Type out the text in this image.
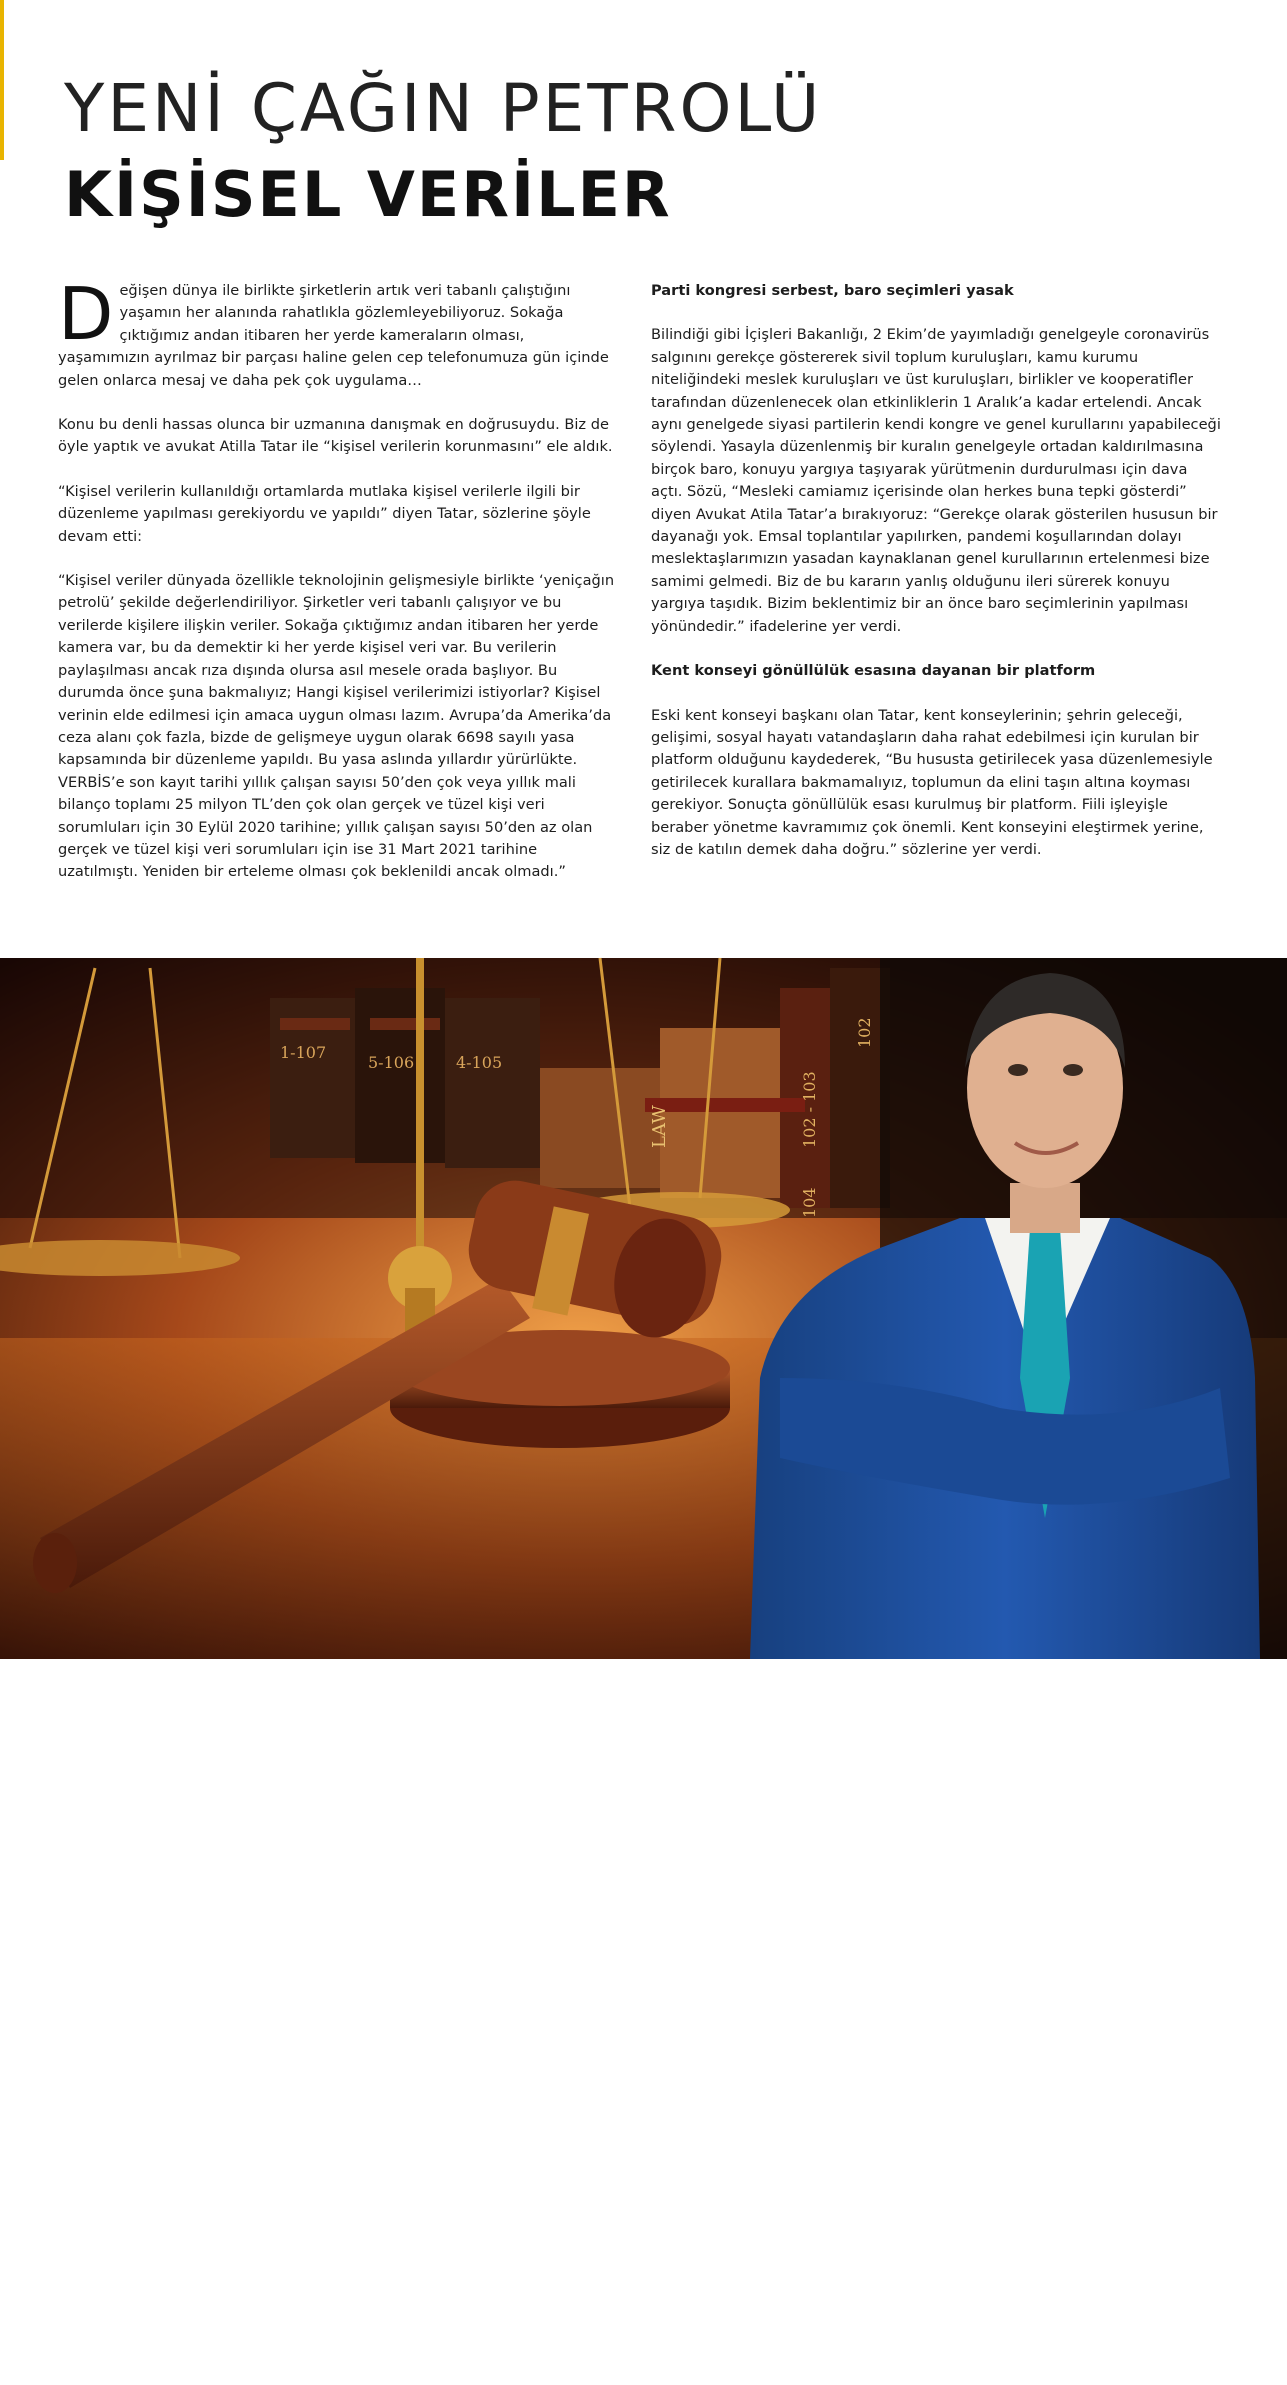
YENİ ÇAĞIN PETROLÜ
KİŞİSEL VERİLER

Değişen dünya ile birlikte şirketlerin artık veri tabanlı çalıştığını yaşamın her alanında rahatlıkla gözlemleyebiliyoruz. Sokağa çıktığımız andan itibaren her yerde kameraların olması, yaşamımızın ayrılmaz bir parçası haline gelen cep telefonumuza gün içinde gelen onlarca mesaj ve daha pek çok uygulama…

Konu bu denli hassas olunca bir uzmanına danışmak en doğrusuydu. Biz de öyle yaptık ve avukat Atilla Tatar ile “kişisel verilerin korunmasını” ele aldık.

“Kişisel verilerin kullanıldığı ortamlarda mutlaka kişisel verilerle ilgili bir düzenleme yapılması gerekiyordu ve yapıldı” diyen Tatar, sözlerine şöyle devam etti:

“Kişisel veriler dünyada özellikle teknolojinin gelişmesiyle birlikte ‘yeniçağın petrolü’ şekilde değerlendiriliyor. Şirketler veri tabanlı çalışıyor ve bu verilerde kişilere ilişkin veriler. Sokağa çıktığımız andan itibaren her yerde kamera var, bu da demektir ki her yerde kişisel veri var. Bu verilerin paylaşılması ancak rıza dışında olursa asıl mesele orada başlıyor. Bu durumda önce şuna bakmalıyız; Hangi kişisel verilerimizi istiyorlar? Kişisel verinin elde edilmesi için amaca uygun olması lazım. Avrupa’da Amerika’da ceza alanı çok fazla, bizde de gelişmeye uygun olarak 6698 sayılı yasa kapsamında bir düzenleme yapıldı. Bu yasa aslında yıllardır yürürlükte. VERBİS’e son kayıt tarihi yıllık çalışan sayısı 50’den çok veya yıllık mali bilanço toplamı 25 milyon TL’den çok olan gerçek ve tüzel kişi veri sorumluları için 30 Eylül 2020 tarihine; yıllık çalışan sayısı 50’den az olan gerçek ve tüzel kişi veri sorumluları için ise 31 Mart 2021 tarihine uzatılmıştı. Yeniden bir erteleme olması çok beklenildi ancak olmadı.”

Parti kongresi serbest, baro seçimleri yasak

Bilindiği gibi İçişleri Bakanlığı, 2 Ekim’de yayımladığı genelgeyle coronavirüs salgınını gerekçe göstererek sivil toplum kuruluşları, kamu kurumu niteliğindeki meslek kuruluşları ve üst kuruluşları, birlikler ve kooperatifler tarafından düzenlenecek olan etkinliklerin 1 Aralık’a kadar ertelendi. Ancak aynı genelgede siyasi partilerin kendi kongre ve genel kurullarını yapabileceği söylendi. Yasayla düzenlenmiş bir kuralın genelgeyle ortadan kaldırılmasına birçok baro, konuyu yargıya taşıyarak yürütmenin durdurulması için dava açtı. Sözü, “Mesleki camiamız içerisinde olan herkes buna tepki gösterdi” diyen Avukat Atila Tatar’a bırakıyoruz: “Gerekçe olarak gösterilen hususun bir dayanağı yok. Emsal toplantılar yapılırken, pandemi koşullarından dolayı meslektaşlarımızın yasadan kaynaklanan genel kurullarının ertelenmesi bize samimi gelmedi. Biz de bu kararın yanlış olduğunu ileri sürerek konuyu yargıya taşıdık. Bizim beklentimiz bir an önce baro seçimlerinin yapılması yönündedir.” ifadelerine yer verdi.

Kent konseyi gönüllülük esasına dayanan bir platform

Eski kent konseyi başkanı olan Tatar, kent konseylerinin; şehrin geleceği, gelişimi, sosyal hayatı vatandaşların daha rahat edebilmesi için kurulan bir platform olduğunu kaydederek, “Bu hususta getirilecek yasa düzenlemesiyle getirilecek kurallara bakmamalıyız, toplumun da elini taşın altına koyması gerekiyor. Sonuçta gönüllülük esası kurulmuş bir platform. Fiili işleyişle beraber yönetme kavramımız çok önemli. Kent konseyini eleştirmek yerine, siz de katılın demek daha doğru.” sözlerine yer verdi.

1-107
5-106	4-105
102 - 103
104
102
LAW
ATİLA TATAR
AVUKAT
